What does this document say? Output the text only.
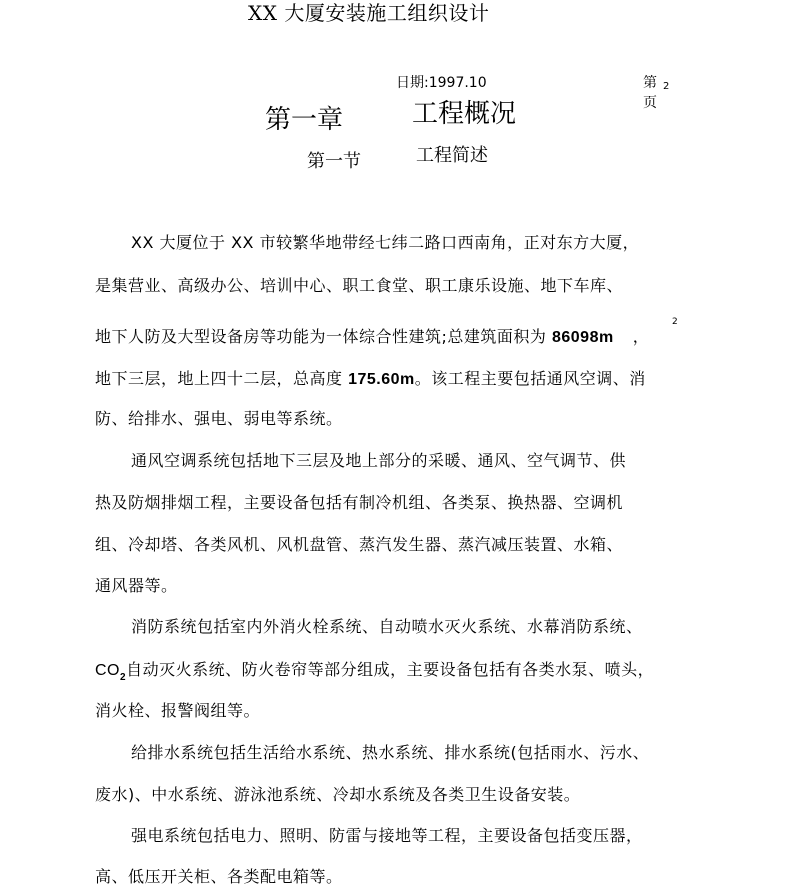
XX 大厦安装施工组织设计
日期:1997.10	第
页
2
第一章	工程概况
第一节	工程简述
XX 大厦位于 XX 市较繁华地带经七纬二路口西南角，正对东方大厦，
是集营业、高级办公、培训中心、职工食堂、职工康乐设施、地下车库、
地下人防及大型设备房等功能为一体综合性建筑;总建筑面积为 86098m ，
2
地下三层，地上四十二层，总高度 175.60m。该工程主要包括通风空调、消
防、给排水、强电、弱电等系统。
通风空调系统包括地下三层及地上部分的采暖、通风、空气调节、供
热及防烟排烟工程，主要设备包括有制冷机组、各类泵、换热器、空调机
组、冷却塔、各类风机、风机盘管、蒸汽发生器、蒸汽减压装置、水箱、
通风器等。
消防系统包括室内外消火栓系统、自动喷水灭火系统、水幕消防系统、
$CO_2$自动灭火系统、防火卷帘等部分组成，主要设备包括有各类水泵、喷头，
消火栓、报警阀组等。
给排水系统包括生活给水系统、热水系统、排水系统(包括雨水、污水、
废水)、中水系统、游泳池系统、冷却水系统及各类卫生设备安装。
强电系统包括电力、照明、防雷与接地等工程，主要设备包括变压器，
高、低压开关柜、各类配电箱等。
